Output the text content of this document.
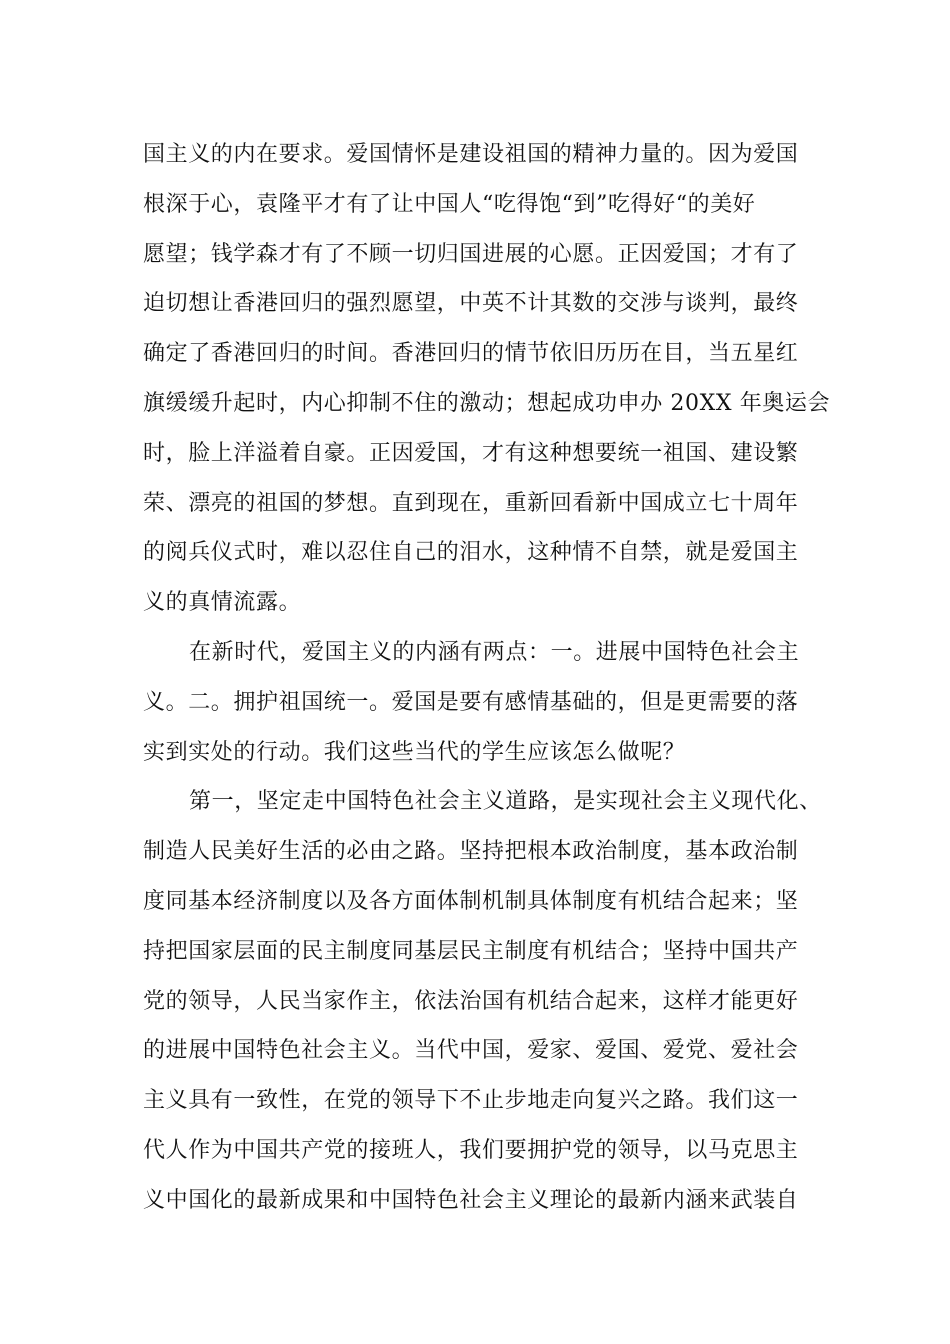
国主义的内在要求。爱国情怀是建设祖国的精神力量的。因为爱国
根深于心，袁隆平才有了让中国人“吃得饱“到”吃得好“的美好
愿望；钱学森才有了不顾一切归国进展的心愿。正因爱国；才有了
迫切想让香港回归的强烈愿望，中英不计其数的交涉与谈判，最终
确定了香港回归的时间。香港回归的情节依旧历历在目，当五星红
旗缓缓升起时，内心抑制不住的激动；想起成功申办 20XX 年奥运会
时，脸上洋溢着自豪。正因爱国，才有这种想要统一祖国、建设繁
荣、漂亮的祖国的梦想。直到现在，重新回看新中国成立七十周年
的阅兵仪式时，难以忍住自己的泪水，这种情不自禁，就是爱国主
义的真情流露。
在新时代，爱国主义的内涵有两点：一。进展中国特色社会主
义。二。拥护祖国统一。爱国是要有感情基础的，但是更需要的落
实到实处的行动。我们这些当代的学生应该怎么做呢？
第一，坚定走中国特色社会主义道路，是实现社会主义现代化、
制造人民美好生活的必由之路。坚持把根本政治制度，基本政治制
度同基本经济制度以及各方面体制机制具体制度有机结合起来；坚
持把国家层面的民主制度同基层民主制度有机结合；坚持中国共产
党的领导，人民当家作主，依法治国有机结合起来，这样才能更好
的进展中国特色社会主义。当代中国，爱家、爱国、爱党、爱社会
主义具有一致性，在党的领导下不止步地走向复兴之路。我们这一
代人作为中国共产党的接班人，我们要拥护党的领导，以马克思主
义中国化的最新成果和中国特色社会主义理论的最新内涵来武装自
